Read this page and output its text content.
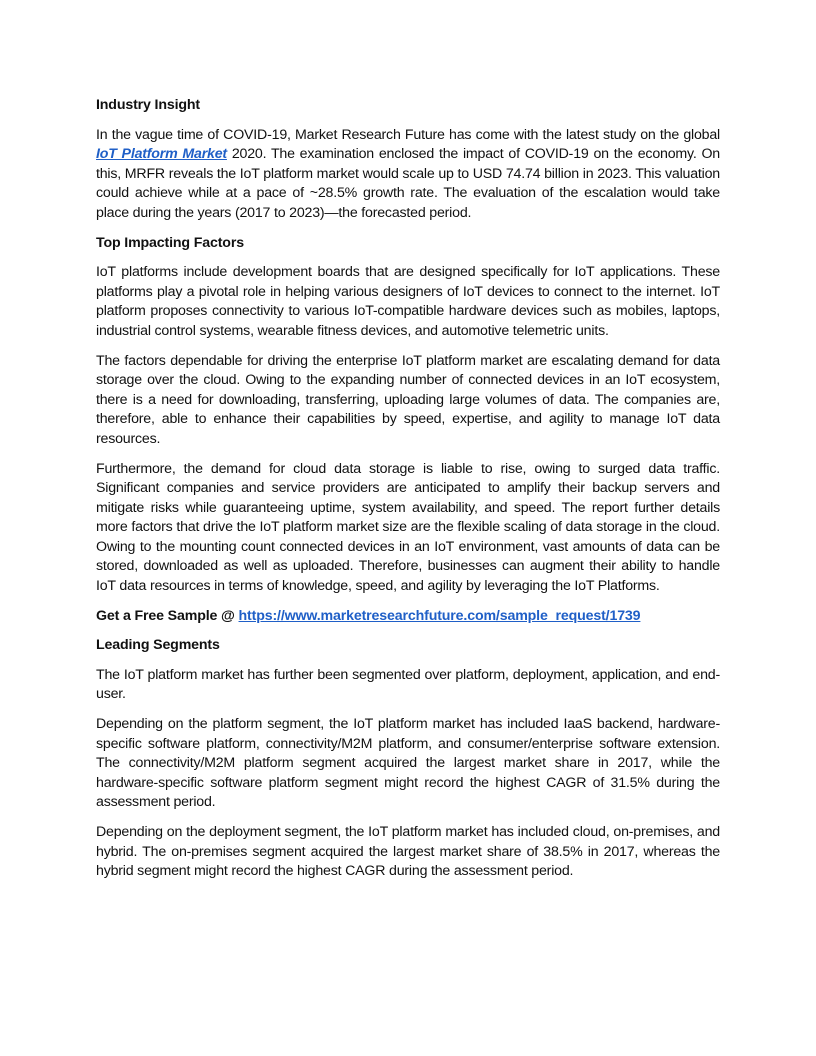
Industry Insight

In the vague time of COVID-19, Market Research Future has come with the latest study on the global IoT Platform Market 2020. The examination enclosed the impact of COVID-19 on the economy. On this, MRFR reveals the IoT platform market would scale up to USD 74.74 billion in 2023. This valuation could achieve while at a pace of ~28.5% growth rate. The evaluation of the escalation would take place during the years (2017 to 2023)—the forecasted period.

Top Impacting Factors

IoT platforms include development boards that are designed specifically for IoT applications. These platforms play a pivotal role in helping various designers of IoT devices to connect to the internet. IoT platform proposes connectivity to various IoT-compatible hardware devices such as mobiles, laptops, industrial control systems, wearable fitness devices, and automotive telemetric units.

The factors dependable for driving the enterprise IoT platform market are escalating demand for data storage over the cloud. Owing to the expanding number of connected devices in an IoT ecosystem, there is a need for downloading, transferring, uploading large volumes of data. The companies are, therefore, able to enhance their capabilities by speed, expertise, and agility to manage IoT data resources.

Furthermore, the demand for cloud data storage is liable to rise, owing to surged data traffic. Significant companies and service providers are anticipated to amplify their backup servers and mitigate risks while guaranteeing uptime, system availability, and speed. The report further details more factors that drive the IoT platform market size are the flexible scaling of data storage in the cloud. Owing to the mounting count connected devices in an IoT environment, vast amounts of data can be stored, downloaded as well as uploaded. Therefore, businesses can augment their ability to handle IoT data resources in terms of knowledge, speed, and agility by leveraging the IoT Platforms.

Get a Free Sample @ https://www.marketresearchfuture.com/sample_request/1739
Leading Segments

The IoT platform market has further been segmented over platform, deployment, application, and end-user.

Depending on the platform segment, the IoT platform market has included IaaS backend, hardware-specific software platform, connectivity/M2M platform, and consumer/enterprise software extension. The connectivity/M2M platform segment acquired the largest market share in 2017, while the hardware-specific software platform segment might record the highest CAGR of 31.5% during the assessment period.

Depending on the deployment segment, the IoT platform market has included cloud, on-premises, and hybrid. The on-premises segment acquired the largest market share of 38.5% in 2017, whereas the hybrid segment might record the highest CAGR during the assessment period.
